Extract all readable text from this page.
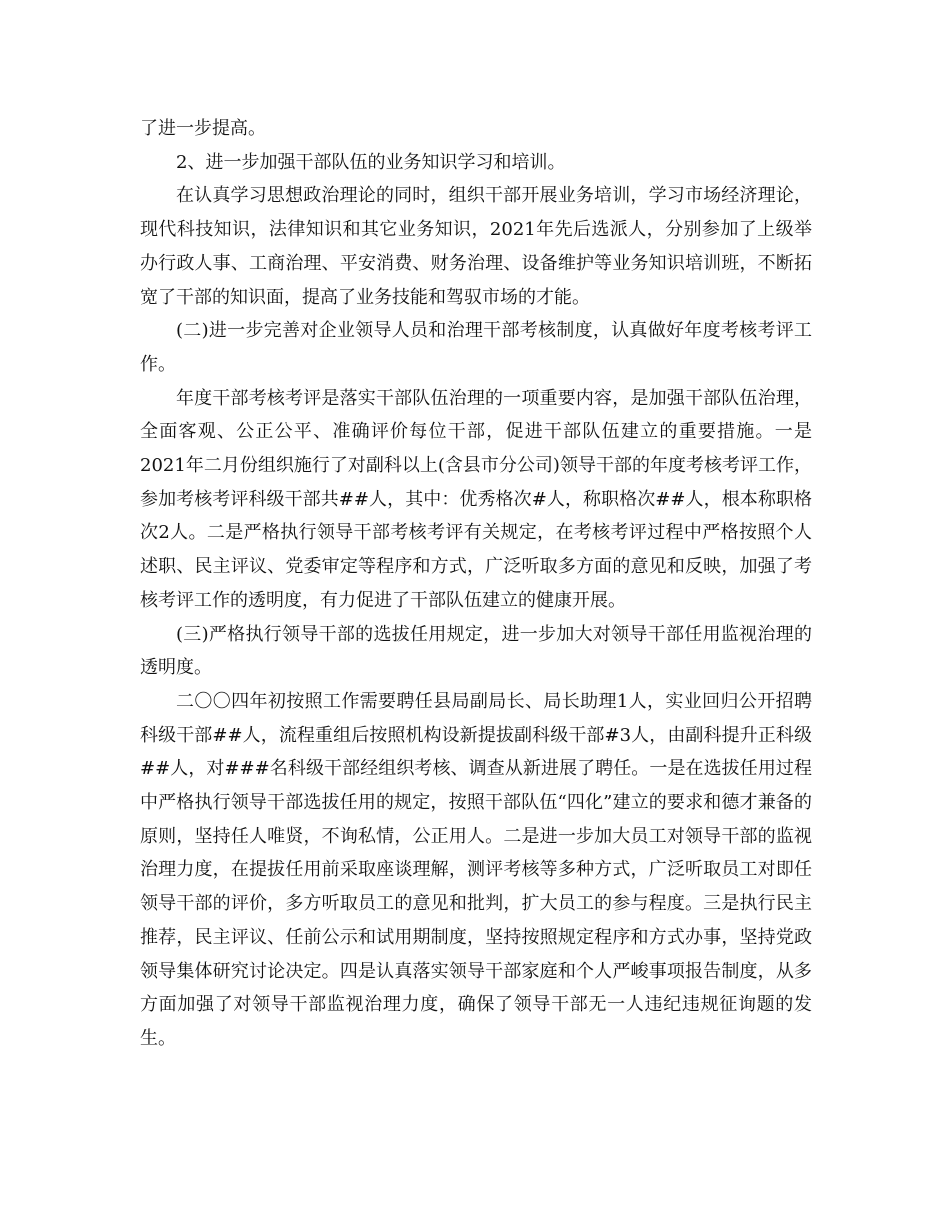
了进一步提高。

2、进一步加强干部队伍的业务知识学习和培训。

在认真学习思想政治理论的同时，组织干部开展业务培训，学习市场经济理论，现代科技知识，法律知识和其它业务知识，2021年先后选派人，分别参加了上级举办行政人事、工商治理、平安消费、财务治理、设备维护等业务知识培训班，不断拓宽了干部的知识面，提高了业务技能和驾驭市场的才能。

(二)进一步完善对企业领导人员和治理干部考核制度，认真做好年度考核考评工作。

年度干部考核考评是落实干部队伍治理的一项重要内容，是加强干部队伍治理，全面客观、公正公平、准确评价每位干部，促进干部队伍建立的重要措施。一是2021年二月份组织施行了对副科以上(含县市分公司)领导干部的年度考核考评工作，参加考核考评科级干部共##人，其中：优秀格次#人，称职格次##人，根本称职格次2人。二是严格执行领导干部考核考评有关规定，在考核考评过程中严格按照个人述职、民主评议、党委审定等程序和方式，广泛听取多方面的意见和反映，加强了考核考评工作的透明度，有力促进了干部队伍建立的健康开展。

(三)严格执行领导干部的选拔任用规定，进一步加大对领导干部任用监视治理的透明度。

二〇〇四年初按照工作需要聘任县局副局长、局长助理1人，实业回归公开招聘科级干部##人，流程重组后按照机构设新提拔副科级干部#3人，由副科提升正科级##人，对###名科级干部经组织考核、调查从新进展了聘任。一是在选拔任用过程中严格执行领导干部选拔任用的规定，按照干部队伍“四化”建立的要求和德才兼备的原则，坚持任人唯贤，不询私情，公正用人。二是进一步加大员工对领导干部的监视治理力度，在提拔任用前采取座谈理解，测评考核等多种方式，广泛听取员工对即任领导干部的评价，多方听取员工的意见和批判，扩大员工的参与程度。三是执行民主推荐，民主评议、任前公示和试用期制度，坚持按照规定程序和方式办事，坚持党政领导集体研究讨论决定。四是认真落实领导干部家庭和个人严峻事项报告制度，从多方面加强了对领导干部监视治理力度，确保了领导干部无一人违纪违规征询题的发生。
